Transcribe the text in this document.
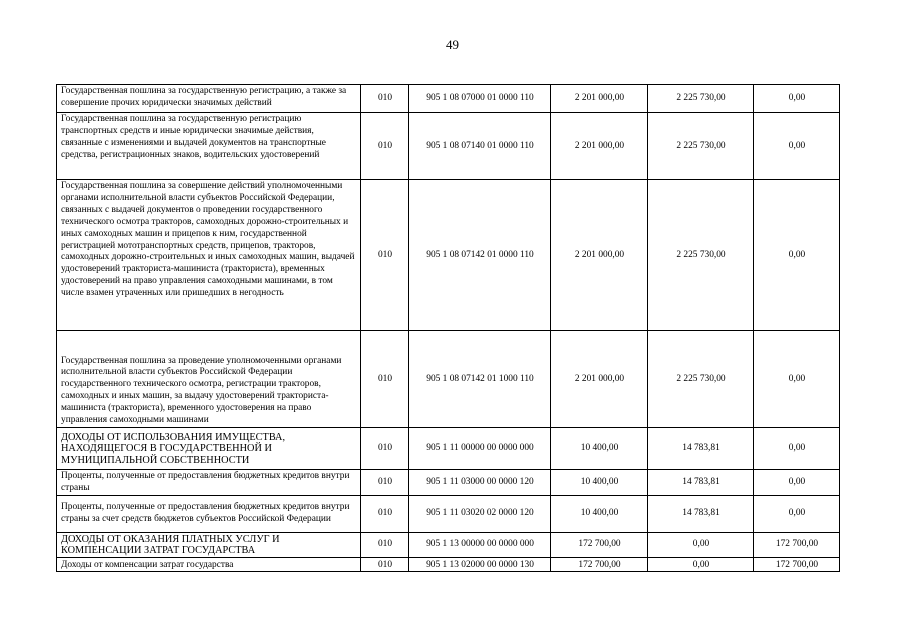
49
Государственная пошлина за государственную регистрацию, а также за совершение прочих юридически значимых действий	010	905 1 08 07000 01 0000 110	2 201 000,00	2 225 730,00	0,00
Государственная пошлина за государственную регистрацию транспортных средств и иные юридически значимые действия, связанные с изменениями и выдачей документов на транспортные средства, регистрационных знаков, водительских удостоверений	010	905 1 08 07140 01 0000 110	2 201 000,00	2 225 730,00	0,00
Государственная пошлина за совершение действий уполномоченными органами исполнительной власти субъектов Российской Федерации, связанных с выдачей документов о проведении государственного технического осмотра тракторов, самоходных дорожно-строительных и иных самоходных машин и прицепов к ним, государственной регистрацией мототранспортных средств, прицепов, тракторов, самоходных дорожно-строительных и иных самоходных машин, выдачей удостоверений тракториста-машиниста (тракториста), временных удостоверений на право управления самоходными машинами, в том числе взамен утраченных или пришедших в негодность	010	905 1 08 07142 01 0000 110	2 201 000,00	2 225 730,00	0,00
Государственная пошлина за проведение уполномоченными органами исполнительной власти субъектов Российской Федерации государственного технического осмотра, регистрации тракторов, самоходных и иных машин, за выдачу удостоверений тракториста-машиниста (тракториста), временного удостоверения на право управления самоходными машинами	010	905 1 08 07142 01 1000 110	2 201 000,00	2 225 730,00	0,00
ДОХОДЫ ОТ ИСПОЛЬЗОВАНИЯ ИМУЩЕСТВА, НАХОДЯЩЕГОСЯ В ГОСУДАРСТВЕННОЙ И МУНИЦИПАЛЬНОЙ СОБСТВЕННОСТИ	010	905 1 11 00000 00 0000 000	10 400,00	14 783,81	0,00
Проценты, полученные от предоставления бюджетных кредитов внутри страны	010	905 1 11 03000 00 0000 120	10 400,00	14 783,81	0,00
Проценты, полученные от предоставления бюджетных кредитов внутри страны за счет средств бюджетов субъектов Российской Федерации	010	905 1 11 03020 02 0000 120	10 400,00	14 783,81	0,00
ДОХОДЫ ОТ ОКАЗАНИЯ ПЛАТНЫХ УСЛУГ И КОМПЕНСАЦИИ ЗАТРАТ ГОСУДАРСТВА	010	905 1 13 00000 00 0000 000	172 700,00	0,00	172 700,00
Доходы от компенсации затрат государства	010	905 1 13 02000 00 0000 130	172 700,00	0,00	172 700,00
